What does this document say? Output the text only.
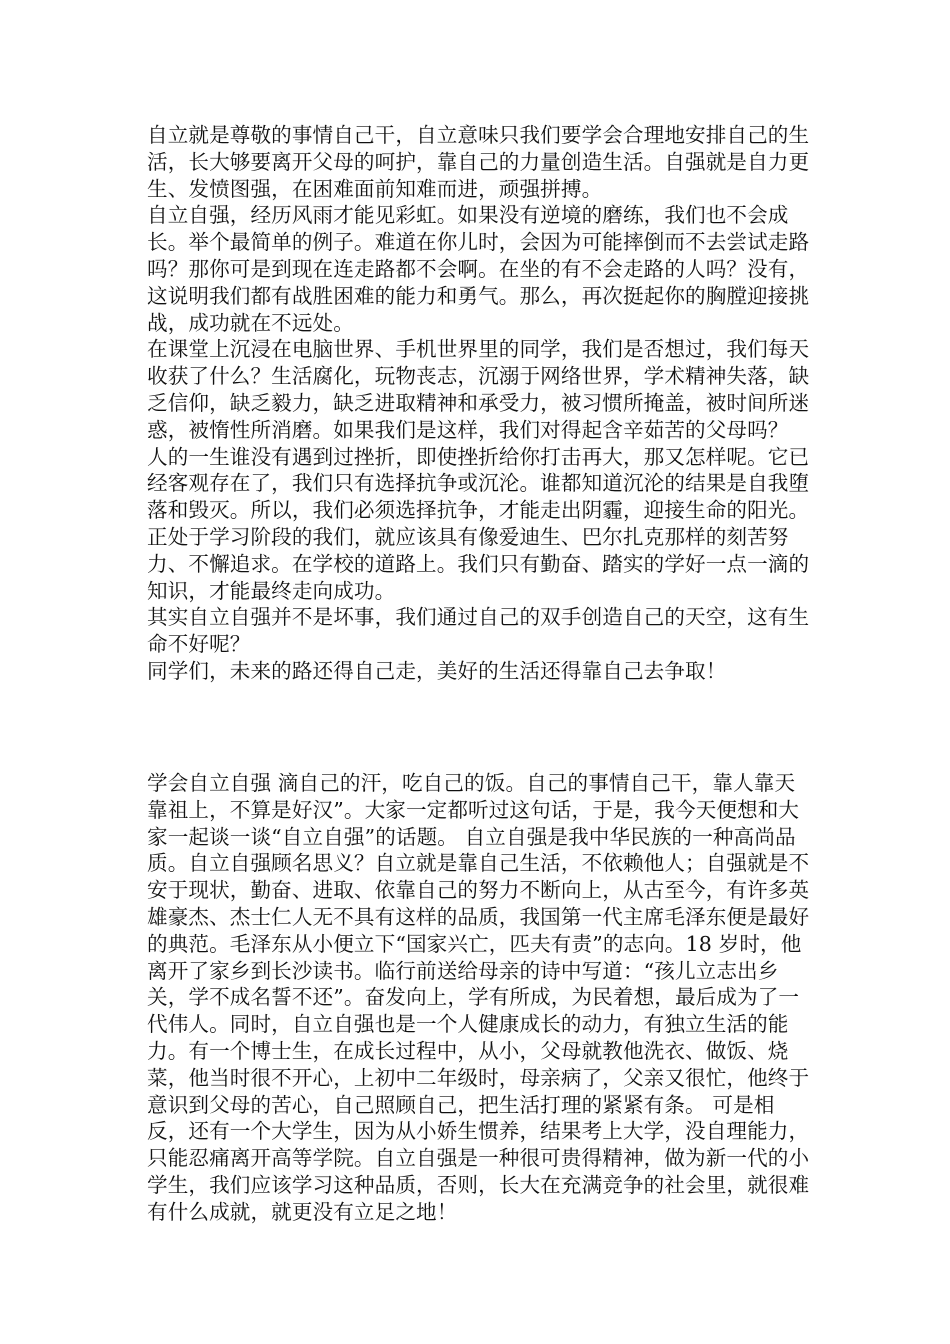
自立就是尊敬的事情自己干，自立意味只我们要学会合理地安排自己的生活，长大够要离开父母的呵护，靠自己的力量创造生活。自强就是自力更生、发愤图强，在困难面前知难而进，顽强拼搏。

自立自强，经历风雨才能见彩虹。如果没有逆境的磨练，我们也不会成长。举个最简单的例子。难道在你儿时，会因为可能摔倒而不去尝试走路吗？那你可是到现在连走路都不会啊。在坐的有不会走路的人吗？没有，这说明我们都有战胜困难的能力和勇气。那么，再次挺起你的胸膛迎接挑战，成功就在不远处。

在课堂上沉浸在电脑世界、手机世界里的同学，我们是否想过，我们每天收获了什么？生活腐化，玩物丧志，沉溺于网络世界，学术精神失落，缺乏信仰，缺乏毅力，缺乏进取精神和承受力，被习惯所掩盖，被时间所迷惑，被惰性所消磨。如果我们是这样，我们对得起含辛茹苦的父母吗？

人的一生谁没有遇到过挫折，即使挫折给你打击再大，那又怎样呢。它已经客观存在了，我们只有选择抗争或沉沦。谁都知道沉沦的结果是自我堕落和毁灭。所以，我们必须选择抗争，才能走出阴霾，迎接生命的阳光。

正处于学习阶段的我们，就应该具有像爱迪生、巴尔扎克那样的刻苦努力、不懈追求。在学校的道路上。我们只有勤奋、踏实的学好一点一滴的知识，才能最终走向成功。

其实自立自强并不是坏事，我们通过自己的双手创造自己的天空，这有生命不好呢？

同学们，未来的路还得自己走，美好的生活还得靠自己去争取！

学会自立自强 滴自己的汗，吃自己的饭。自己的事情自己干，靠人靠天靠祖上，不算是好汉”。大家一定都听过这句话，于是，我今天便想和大家一起谈一谈“自立自强”的话题。 自立自强是我中华民族的一种高尚品质。自立自强顾名思义？自立就是靠自己生活，不依赖他人；自强就是不安于现状，勤奋、进取、依靠自己的努力不断向上，从古至今，有许多英雄豪杰、杰士仁人无不具有这样的品质，我国第一代主席毛泽东便是最好的典范。毛泽东从小便立下“国家兴亡，匹夫有责”的志向。18 岁时，他离开了家乡到长沙读书。临行前送给母亲的诗中写道：“孩儿立志出乡关，学不成名誓不还”。奋发向上，学有所成，为民着想，最后成为了一代伟人。同时，自立自强也是一个人健康成长的动力，有独立生活的能力。有一个博士生，在成长过程中，从小，父母就教他洗衣、做饭、烧菜，他当时很不开心，上初中二年级时，母亲病了，父亲又很忙，他终于意识到父母的苦心，自己照顾自己，把生活打理的紧紧有条。 可是相反，还有一个大学生，因为从小娇生惯养，结果考上大学，没自理能力，只能忍痛离开高等学院。自立自强是一种很可贵得精神，做为新一代的小学生，我们应该学习这种品质，否则，长大在充满竞争的社会里，就很难有什么成就，就更没有立足之地！
